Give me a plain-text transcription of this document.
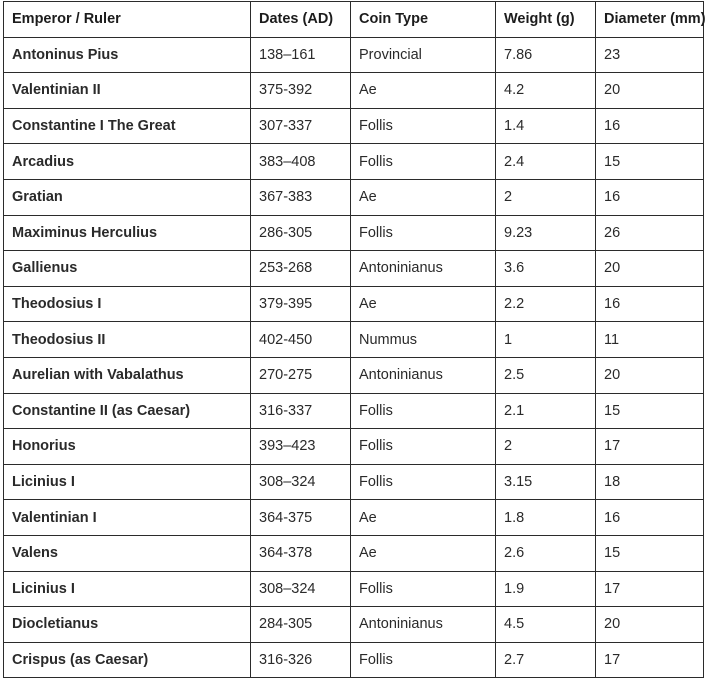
Emperor / Ruler	Dates (AD)	Coin Type	Weight (g)	Diameter (mm)
Antoninus Pius	138–161	Provincial	7.86	23
Valentinian II	375-392	Ae	4.2	20
Constantine I The Great	307-337	Follis	1.4	16
Arcadius	383–408	Follis	2.4	15
Gratian	367-383	Ae	2	16
Maximinus Herculius	286-305	Follis	9.23	26
Gallienus	253-268	Antoninianus	3.6	20
Theodosius I	379-395	Ae	2.2	16
Theodosius II	402-450	Nummus	1	11
Aurelian with Vabalathus	270-275	Antoninianus	2.5	20
Constantine II (as Caesar)	316-337	Follis	2.1	15
Honorius	393–423	Follis	2	17
Licinius I	308–324	Follis	3.15	18
Valentinian I	364-375	Ae	1.8	16
Valens	364-378	Ae	2.6	15
Licinius I	308–324	Follis	1.9	17
Diocletianus	284-305	Antoninianus	4.5	20
Crispus (as Caesar)	316-326	Follis	2.7	17
